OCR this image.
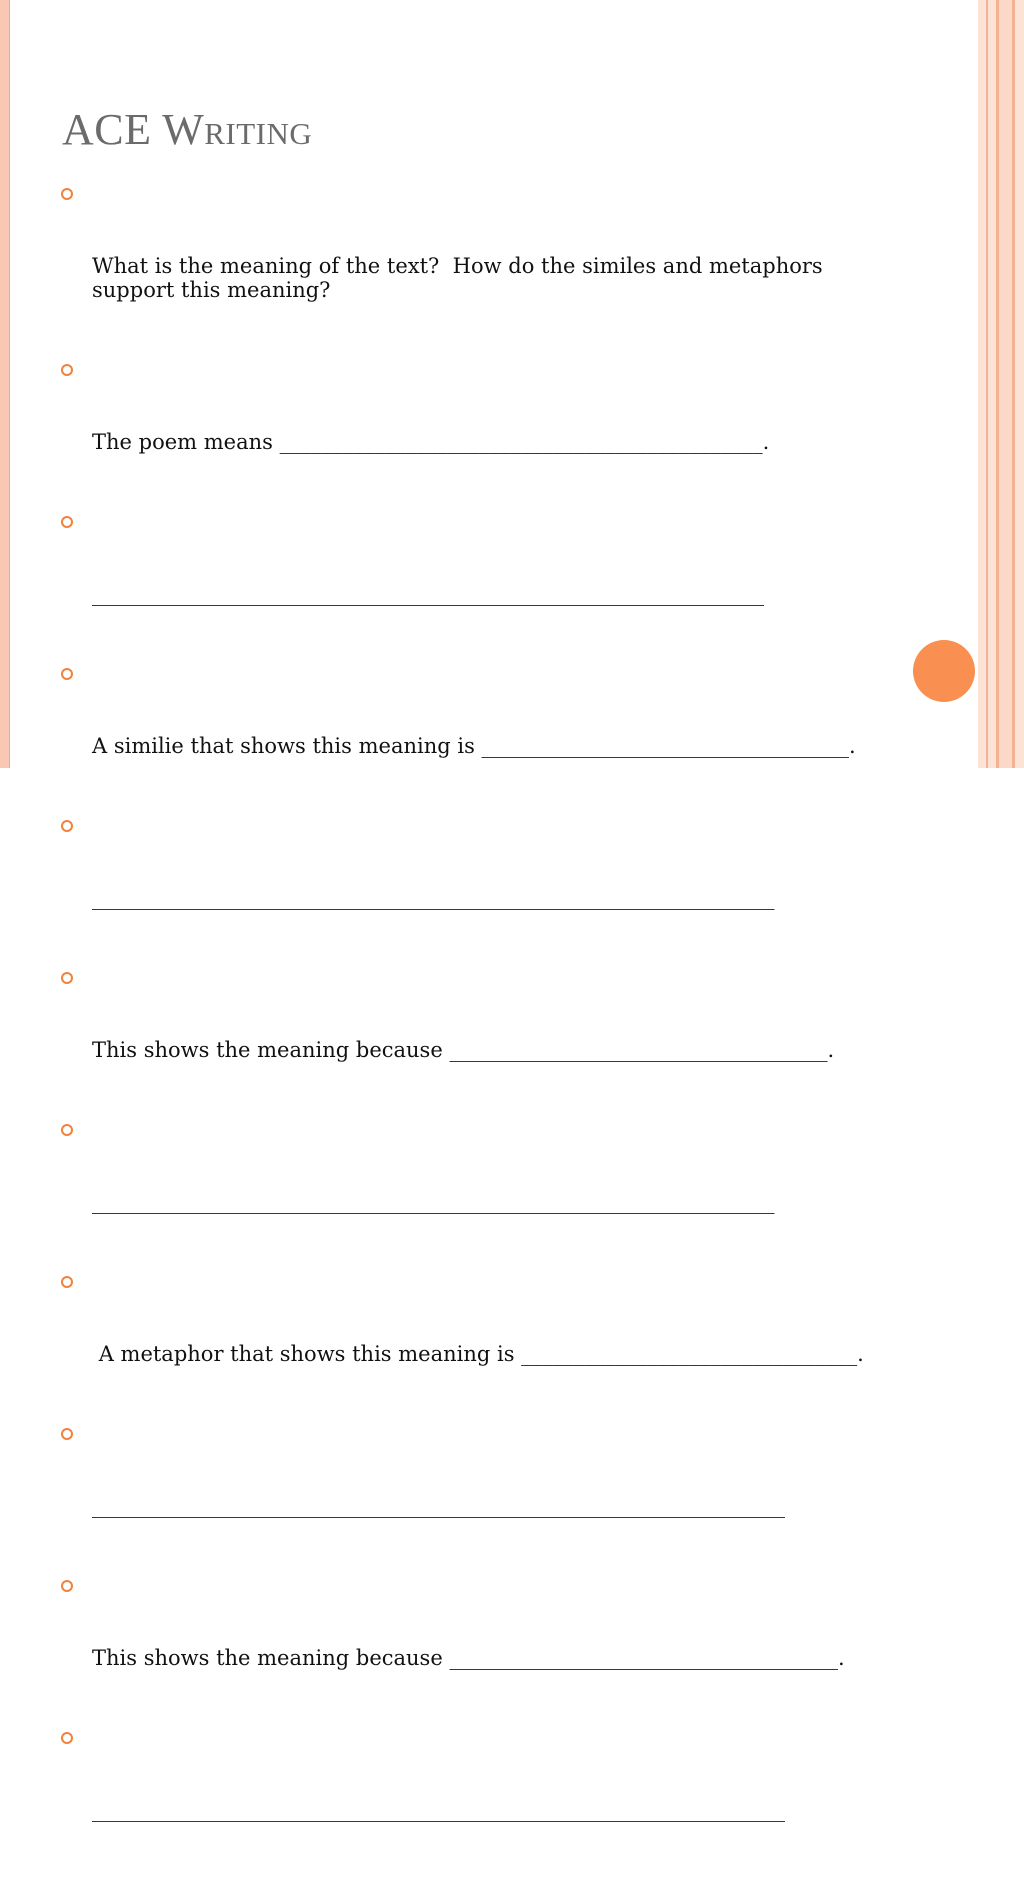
ACE Writing

What is the meaning of the text?  How do the similes and metaphors support this meaning?

The poem means ______________________________________________.

________________________________________________________________

A similie that shows this meaning is ___________________________________.

_________________________________________________________________

This shows the meaning because ____________________________________.

_________________________________________________________________

A metaphor that shows this meaning is ________________________________.

__________________________________________________________________

This shows the meaning because _____________________________________.

__________________________________________________________________
